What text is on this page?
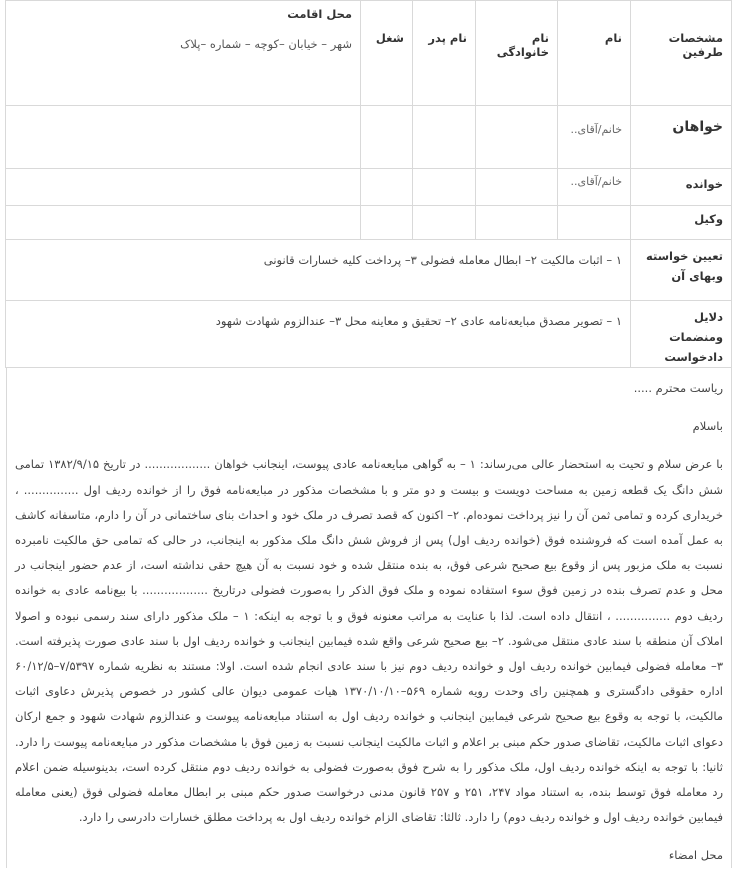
مشخصات طرفین	نام	نام خانوادگی	نام پدر	شغل	محل اقامت
شهر – خیابان –کوچه – شماره –پلاک

خواهان	خانم/آقای..				
خوانده	خانم/آقای..				
وکیل					
تعیین خواسته وبهای آن	۱ – اثبات مالکیت ۲– ابطال معامله فضولی ۳– پرداخت کلیه خسارات قانونی				
دلایل ومنضمات دادخواست	۱ – تصویر مصدق مبایعه‌نامه عادی ۲– تحقیق و معاینه محل ۳– عندالزوم شهادت شهود				

ریاست محترم .....

باسلام

با عرض سلام و تحیت به استحضار عالی می‌رساند: ۱ – به گواهی مبایعه‌نامه عادی پیوست، اینجانب خواهان .................. در تاریخ ۱۳۸۲/۹/۱۵ تمامی شش دانگ یک قطعه زمین به مساحت دویست و بیست و دو متر و با مشخصات مذکور در مبایعه‌نامه فوق را از خوانده ردیف اول ............... ، خریداری کرده و تمامی ثمن آن را نیز پرداخت نموده‌ام. ۲– اکنون که قصد تصرف در ملک خود و احداث بنای ساختمانی در آن را دارم، متاسفانه کاشف به عمل آمده است که فروشنده فوق (خوانده ردیف اول) پس از فروش شش دانگ ملک مذکور به اینجانب، در حالی که تمامی حق مالکیت نامبرده نسبت به ملک مزبور پس از وقوع بیع صحیح شرعی فوق، به بنده منتقل شده و خود نسبت به آن هیچ حقی نداشته است، از عدم حضور اینجانب در محل و عدم تصرف بنده در زمین فوق سوء استفاده نموده و ملک فوق الذکر را به‌صورت فضولی درتاریخ .................. با بیع‌نامه عادی به خوانده ردیف دوم ............... ، انتقال داده است. لذا با عنایت به مراتب معنونه فوق و با توجه به اینکه: ۱ – ملک مذکور دارای سند رسمی نبوده و اصولا املاک آن منطقه با سند عادی منتقل می‌شود. ۲– بیع صحیح شرعی واقع شده فیمابین اینجانب و خوانده ردیف اول با سند عادی صورت پذیرفته است. ۳– معامله فضولی فیمابین خوانده ردیف اول و خوانده ردیف دوم نیز با سند عادی انجام شده است. اولا: مستند به نظریه شماره ۷/۵۳۹۷–۶۰/۱۲/۵ اداره حقوقی دادگستری و همچنین رای وحدت رویه شماره ۵۶۹–۱۳۷۰/۱۰/۱۰ هیات عمومی دیوان عالی کشور در خصوص پذیرش دعاوی اثبات مالکیت، با توجه به وقوع بیع صحیح شرعی فیمابین اینجانب و خوانده ردیف اول به استناد مبایعه‌نامه پیوست و عندالزوم شهادت شهود و جمع ارکان دعوای اثبات مالکیت، تقاضای صدور حکم مبنی بر اعلام و اثبات مالکیت اینجانب نسبت به زمین فوق با مشخصات مذکور در مبایعه‌نامه پیوست را دارد. ثانیا: با توجه به اینکه خوانده ردیف اول، ملک مذکور را به شرح فوق به‌صورت فضولی به خوانده ردیف دوم منتقل کرده است، بدینوسیله ضمن اعلام رد معامله فوق توسط بنده، به استناد مواد ۲۴۷، ۲۵۱ و ۲۵۷ قانون مدنی درخواست صدور حکم مبنی بر ابطال معامله فضولی فوق (یعنی معامله فیمابین خوانده ردیف اول و خوانده ردیف دوم) را دارد. ثالثا: تقاضای الزام خوانده ردیف اول به پرداخت مطلق خسارات دادرسی را دارد.

محل امضاء
